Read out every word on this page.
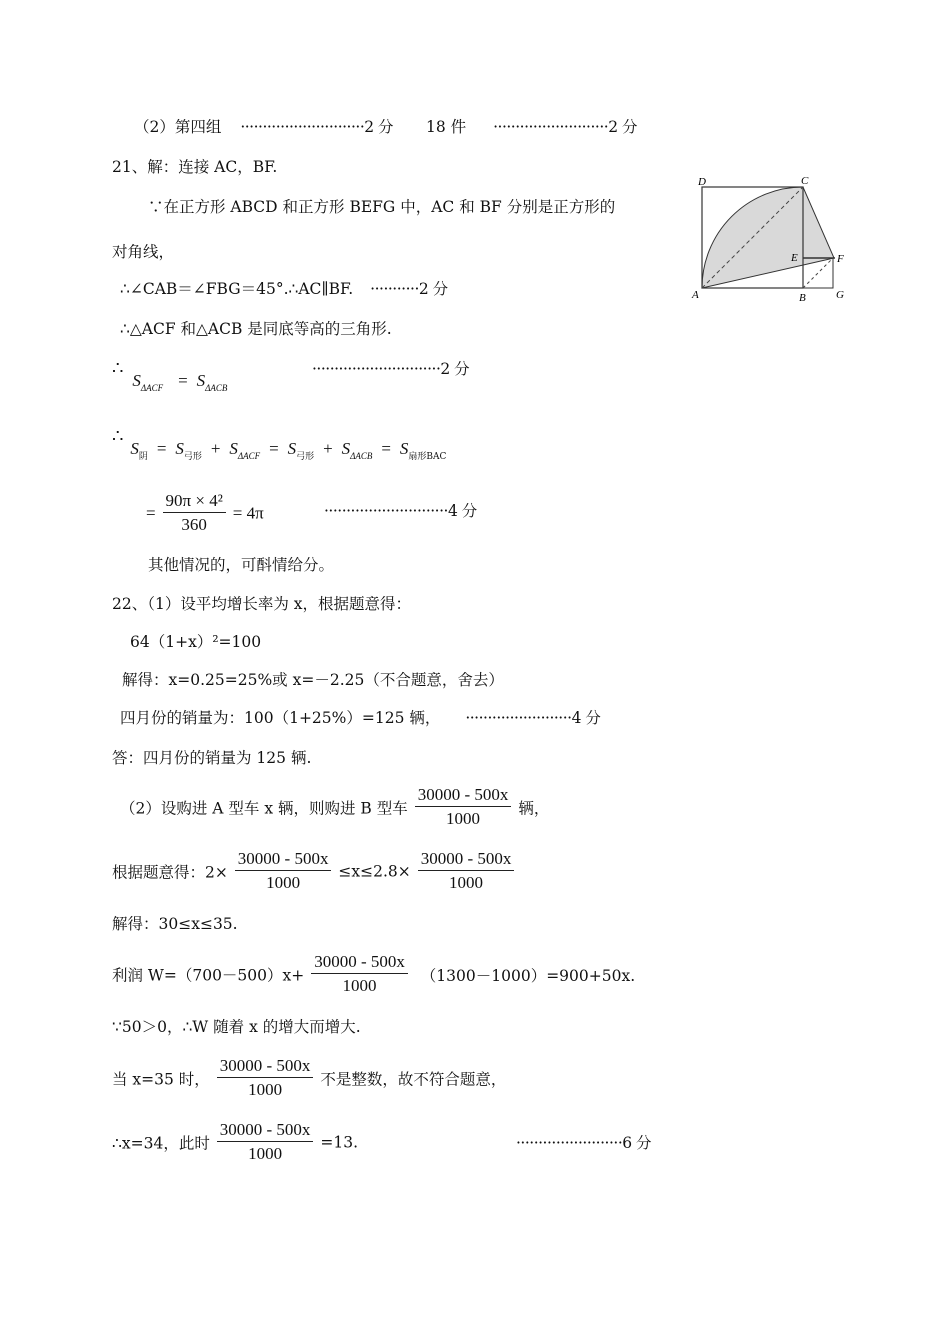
（2）第四组 ····························2 分 18 件 ··························2 分
21、解：连接 AC，BF.
∵在正方形 ABCD 和正方形 BEFG 中，AC 和 BF 分别是正方形的
对角线，
∴∠CAB＝∠FBG＝45°.∴AC∥BF. ···········2 分
∴△ACF 和△ACB 是同底等高的三角形.
∴ $S_{\Delta ACF} = S_{\Delta ACB}$
·····························2 分
∴ $S_阴 = S_{弓形} + S_{\Delta ACF} = S_{弓形} + S_{\Delta ACB} = S_{扇形BAC}$
= $\frac{\text{90π × 4²}}{360} = 4\pi$	····························4 分
其他情况的，可酙情给分。
D	C
E	F
A	B	G
22、（1）设平均增长率为 x，根据题意得：
64（1+x）²=100
解得：x=0.25=25%或 x=－2.25（不合题意，舍去）
四月份的销量为：100（1+25%）=125 辆， ························4 分
答：四月份的销量为 125 辆.
（2）设购进 A 型车 x 辆，则购进 B 型车 $\frac{30000 - 500x}{1000}$ 辆，
根据题意得：$2\times \frac{30000 - 500x}{1000} \le x\le 2.8\times \frac{30000 - 500x}{1000}$
解得：30≤x≤35.
利润 $W=(700-500)x+ \frac{30000 - 500x}{1000} (1300-1000)=900+50x$.
∵50＞0，∴W 随着 x 的增大而增大.
当 x=35 时， $\frac{30000 - 500x}{1000}$ 不是整数，故不符合题意，
∴x=34，此时 $\frac{30000 - 500x}{1000} =13$.	························6 分
